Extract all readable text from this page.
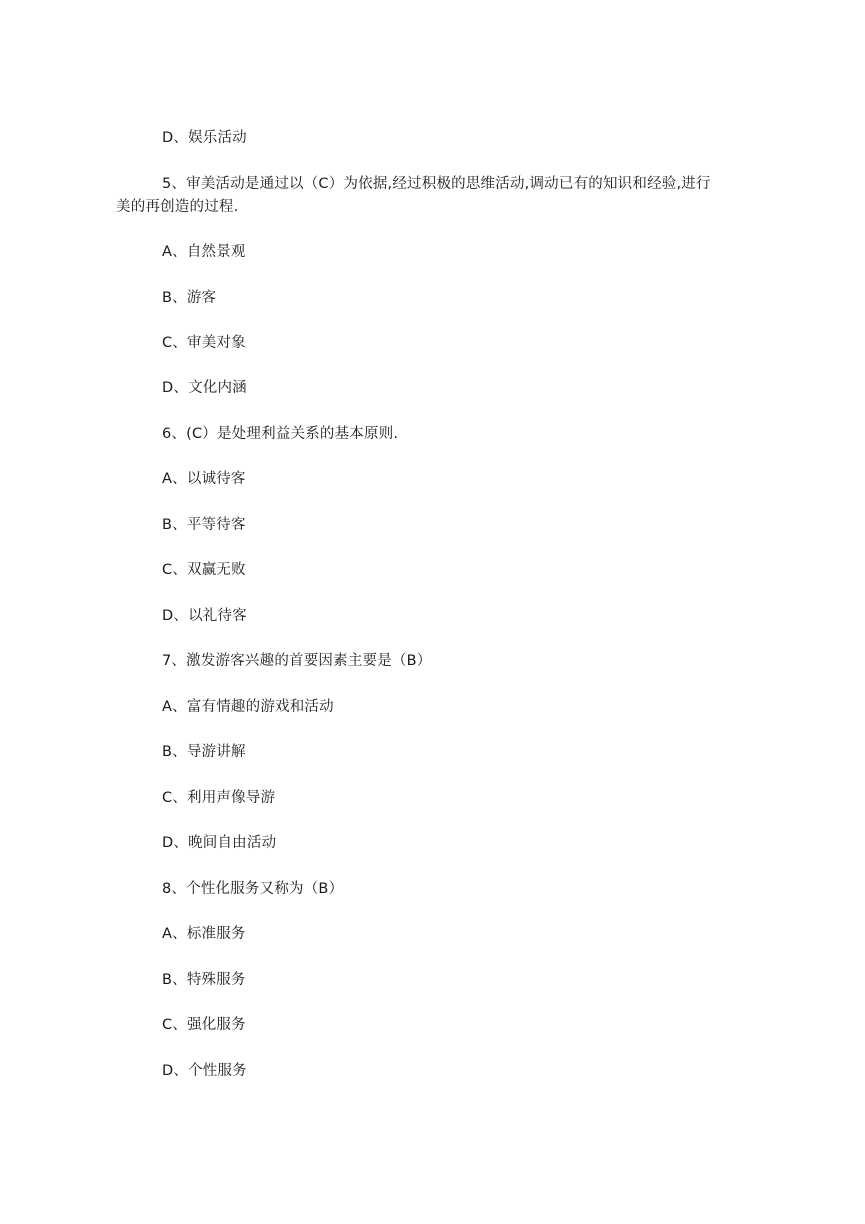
D、娱乐活动
5、审美活动是通过以（C）为依据,经过积极的思维活动,调动已有的知识和经验,进行
美的再创造的过程.
A、自然景观
B、游客
C、审美对象
D、文化内涵
6、(C）是处理利益关系的基本原则.
A、以诚待客
B、平等待客
C、双赢无败
D、以礼待客
7、激发游客兴趣的首要因素主要是（B）
A、富有情趣的游戏和活动
B、导游讲解
C、利用声像导游
D、晚间自由活动
8、个性化服务又称为（B）
A、标准服务
B、特殊服务
C、强化服务
D、个性服务
